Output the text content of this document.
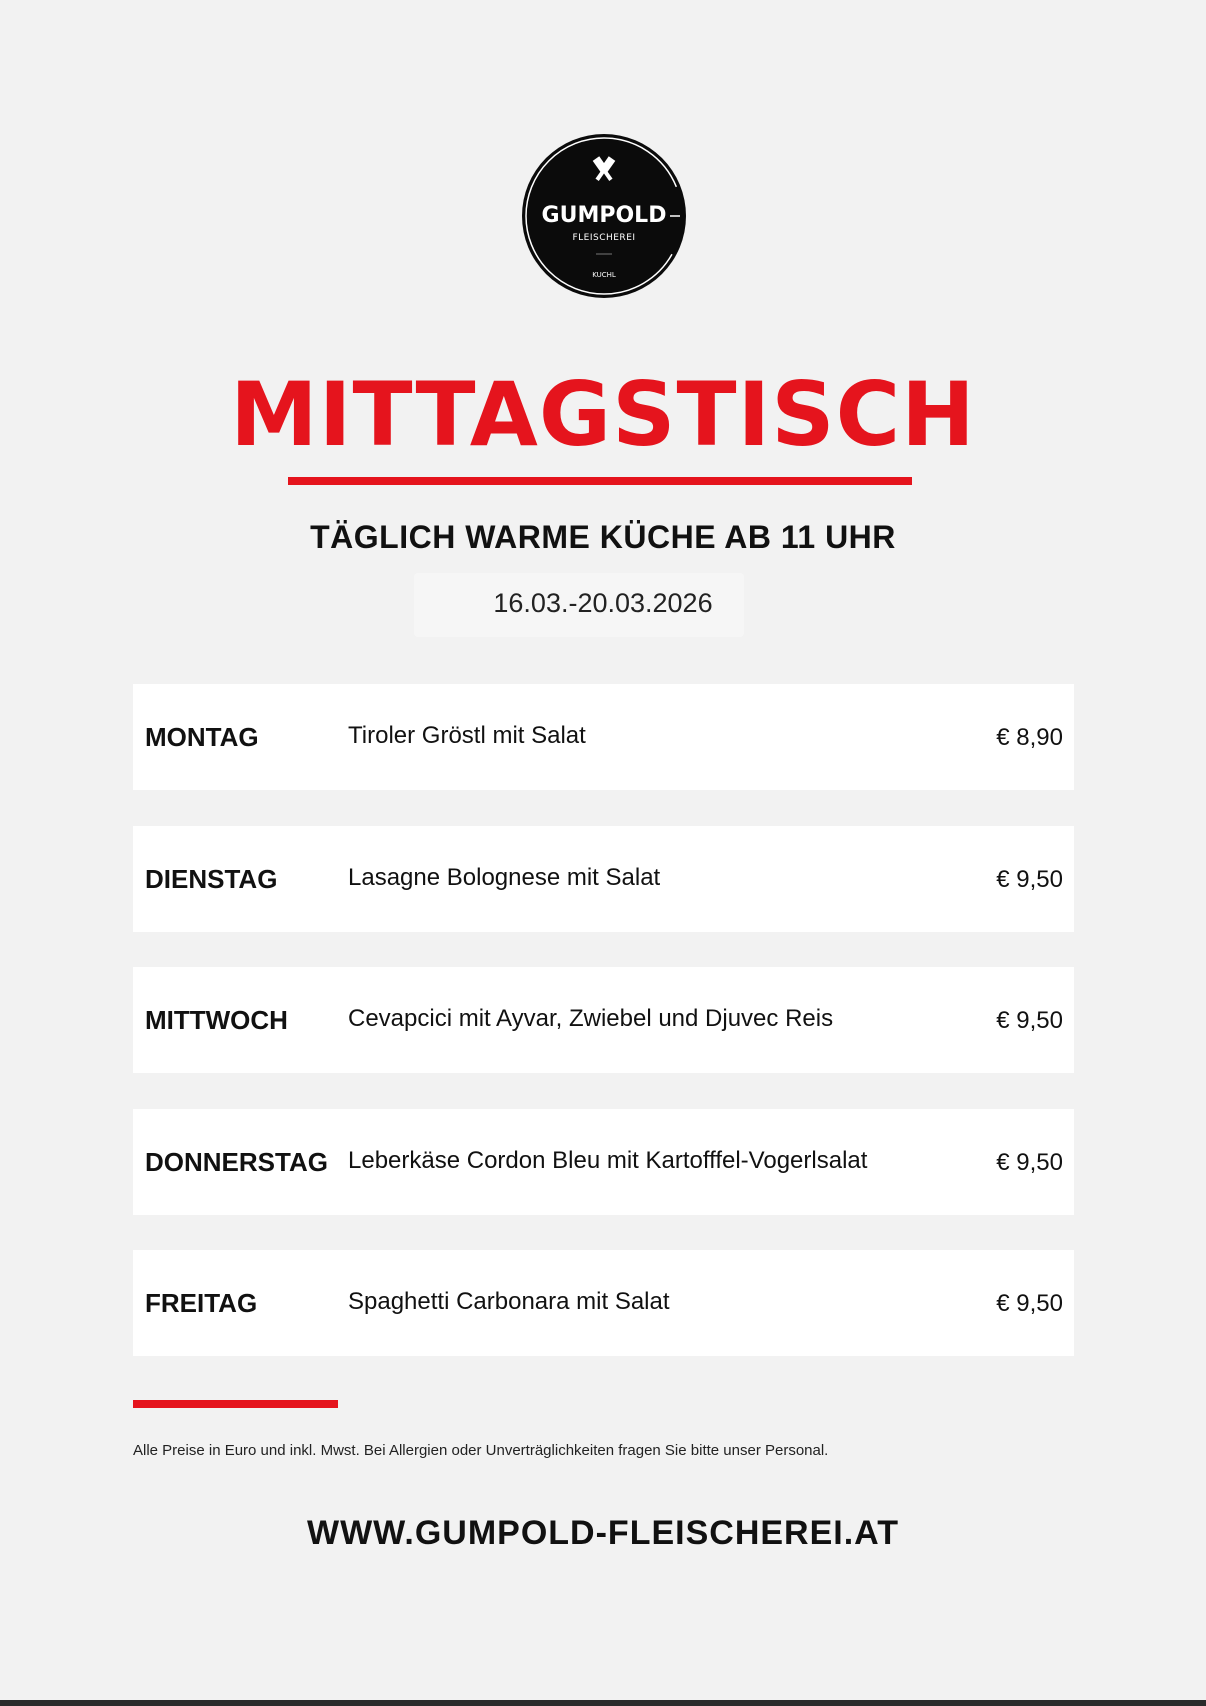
GUMPOLD
FLEISCHEREI
KUCHL
MITTAGSTISCH
TÄGLICH WARME KÜCHE AB 11 UHR
16.03.-20.03.2026
MONTAG	Tiroler Gröstl mit Salat	€ 8,90
DIENSTAG	Lasagne Bolognese mit Salat	€ 9,50
MITTWOCH	Cevapcici mit Ayvar, Zwiebel und Djuvec Reis	€ 9,50
DONNERSTAG Leberkäse Cordon Bleu mit Kartofffel-Vogerlsalat	€ 9,50
FREITAG	Spaghetti Carbonara mit Salat	€ 9,50
Alle Preise in Euro und inkl. Mwst. Bei Allergien oder Unverträglichkeiten fragen Sie bitte unser Personal.
WWW.GUMPOLD-FLEISCHEREI.AT
